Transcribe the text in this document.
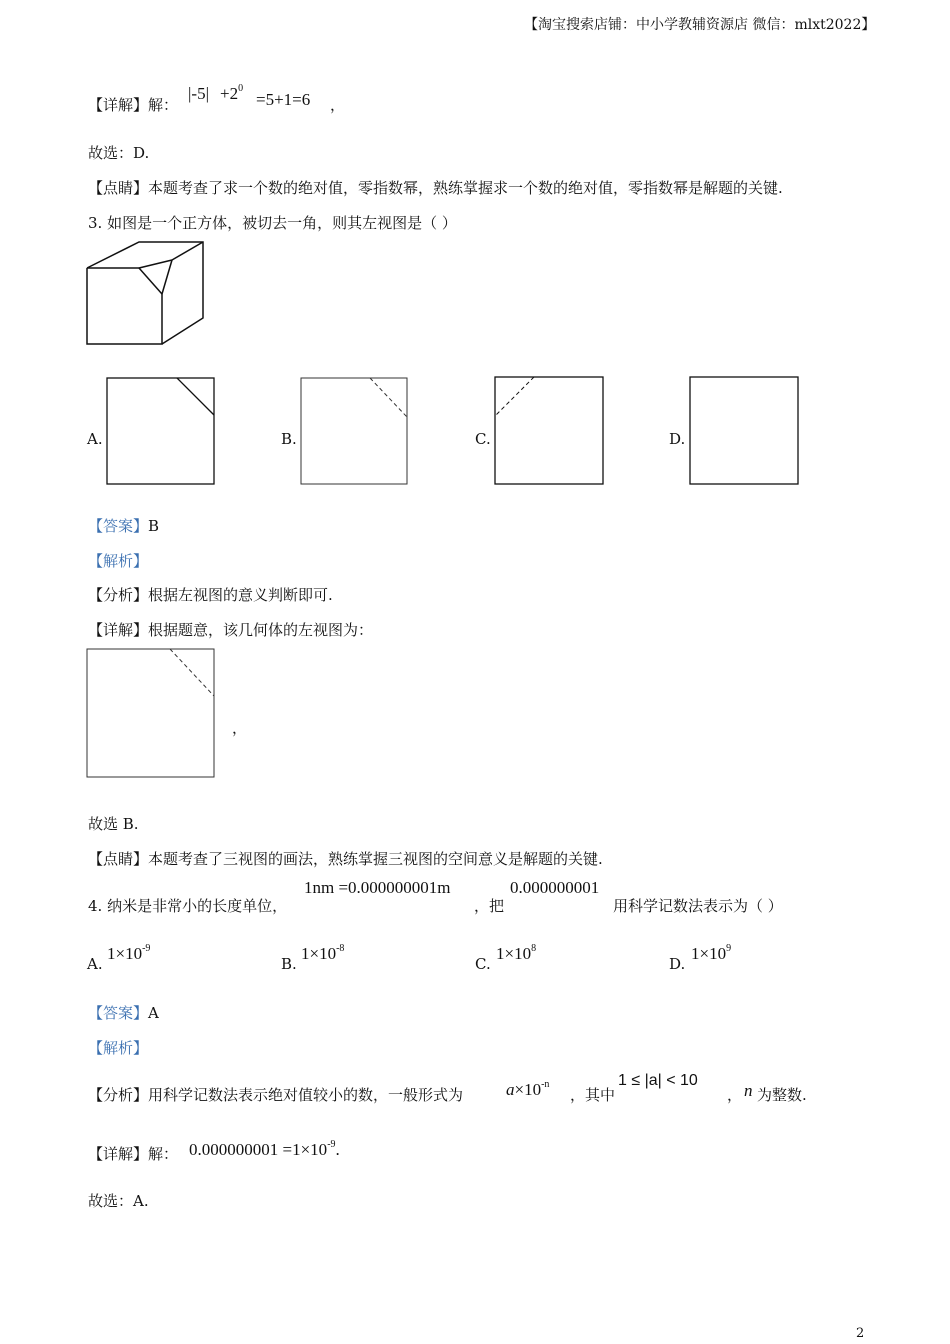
【淘宝搜索店铺：中小学教辅资源店 微信：mlxt2022】
【详解】解：
$|-5| +2^0$
=5+1=6 ，
故选：D.
【点睛】本题考查了求一个数的绝对值，零指数幂，熟练掌握求一个数的绝对值，零指数幂是解题的关键.
3. 如图是一个正方体，被切去一角，则其左视图是（ ）
A.	B.	C.	D.
【答案】B
【解析】
【分析】根据左视图的意义判断即可.
【详解】根据题意，该几何体的左视图为：
，
故选 B.
【点睛】本题考查了三视图的画法，熟练掌握三视图的空间意义是解题的关键.
4. 纳米是非常小的长度单位，
1nm =0.000000001m
，把
0.000000001
用科学记数法表示为（ ）
A.
$1\times 10^{-9}$
B.
$1\times 10^{-8}$
C.
$1\times 10^8$
D.
$1\times 10^9$
【答案】A
【解析】
【分析】用科学记数法表示绝对值较小的数，一般形式为	$a\times 10^{-n}$
，其中
1 ≤ |a| < 10
， n 为整数.
【详解】解： $0.000000001 =1\times 10^{-9}$.
故选：A.
2
